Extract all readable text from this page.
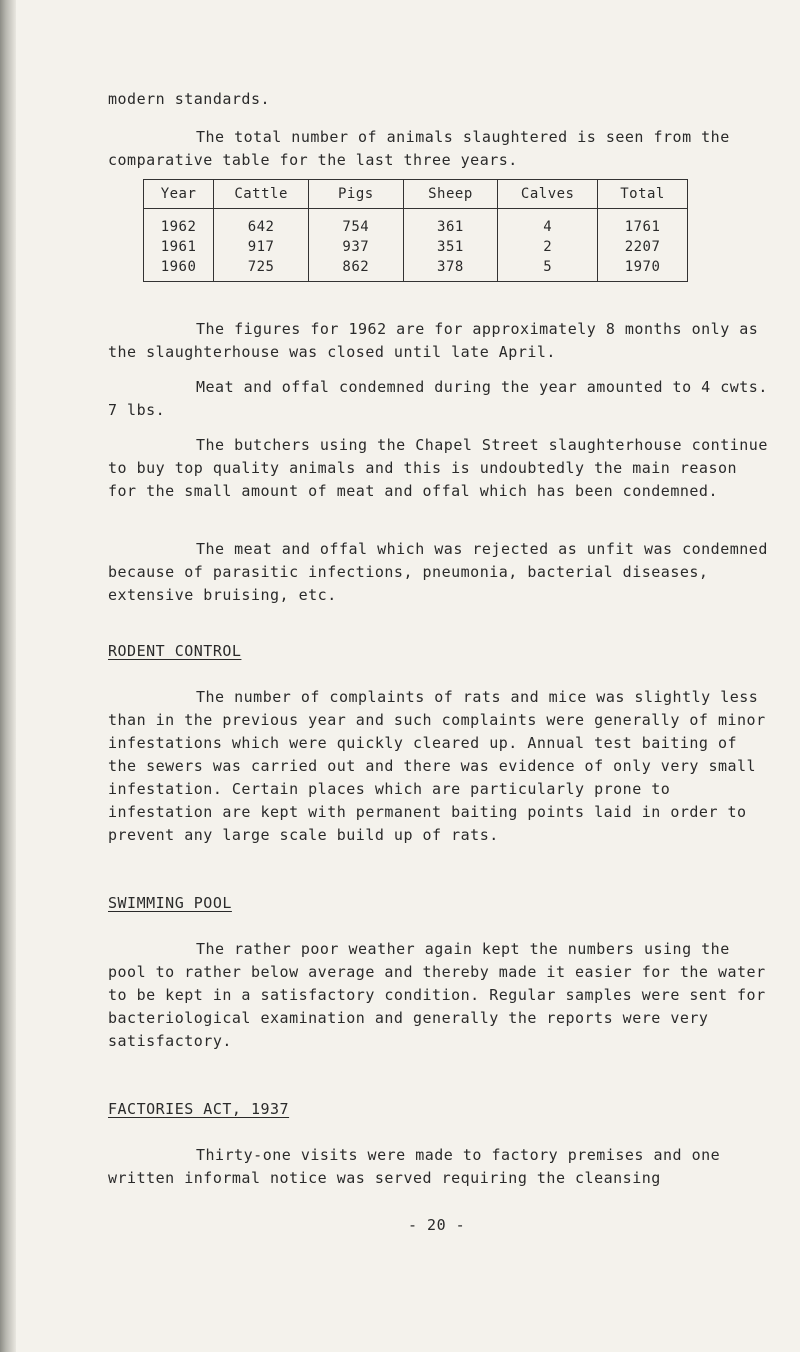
modern standards.

The total number of animals slaughtered is seen from the comparative table for the last three years.

The figures for 1962 are for approximately 8 months only as the slaughterhouse was closed until late April.

Meat and offal condemned during the year amounted to 4 cwts. 7 lbs.

The butchers using the Chapel Street slaughterhouse continue to buy top quality animals and this is undoubtedly the main reason for the small amount of meat and offal which has been condemned.

The meat and offal which was rejected as unfit was condemned because of parasitic infections, pneumonia, bacterial diseases, extensive bruising, etc.

RODENT CONTROL

The number of complaints of rats and mice was slightly less than in the previous year and such complaints were generally of minor infestations which were quickly cleared up. Annual test baiting of the sewers was carried out and there was evidence of only very small infestation. Certain places which are particularly prone to infestation are kept with permanent baiting points laid in order to prevent any large scale build up of rats.

SWIMMING POOL

The rather poor weather again kept the numbers using the pool to rather below average and thereby made it easier for the water to be kept in a satisfactory condition. Regular samples were sent for bacteriological examination and generally the reports were very satisfactory.

FACTORIES ACT, 1937

Thirty-one visits were made to factory premises and one written informal notice was served requiring the cleansing

- 20 -

Year	Cattle	Pigs	Sheep	Calves	Total
1962	642	754	361	4	1761
1961	917	937	351	2	2207
1960	725	862	378	5	1970
